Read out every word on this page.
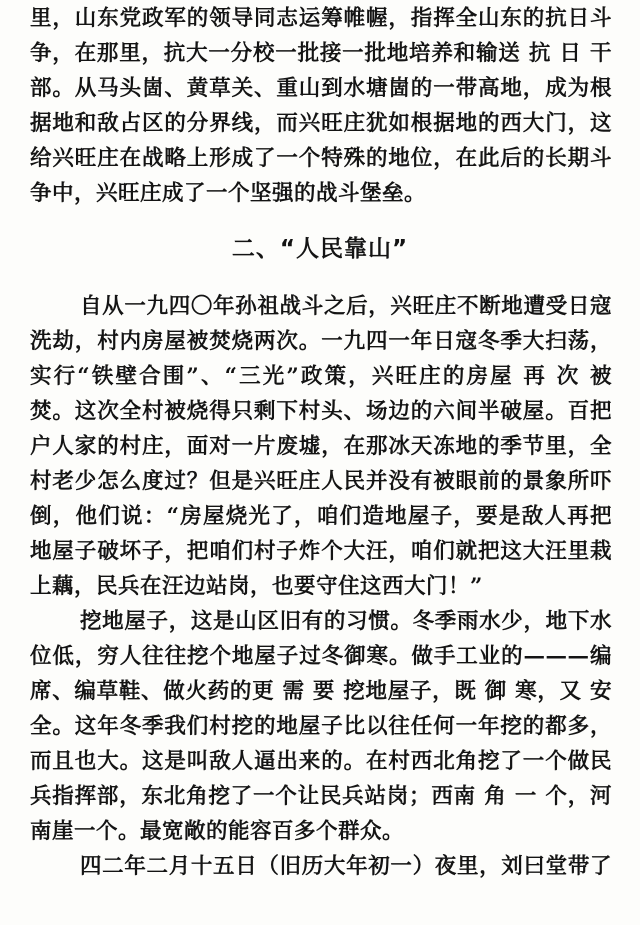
里，山东党政军的领导同志运筹帷幄，指挥全山东的抗日斗
争，在那里，抗大一分校一批接一批地培养和输送 抗 日 干
部。从马头崮、黄草关、重山到水塘崮的一带高地，成为根
据地和敌占区的分界线，而兴旺庄犹如根据地的西大门，这
给兴旺庄在战略上形成了一个特殊的地位，在此后的长期斗
争中，兴旺庄成了一个坚强的战斗堡垒。
二、“人民靠山”
自从一九四〇年孙祖战斗之后，兴旺庄不断地遭受日寇
洗劫，村内房屋被焚烧两次。一九四一年日寇冬季大扫荡，
实行“铁壁合围”、“三光”政策，兴旺庄的房屋 再 次 被
焚。这次全村被烧得只剩下村头、场边的六间半破屋。百把
户人家的村庄，面对一片废墟，在那冰天冻地的季节里，全
村老少怎么度过？但是兴旺庄人民并没有被眼前的景象所吓
倒，他们说：“房屋烧光了，咱们造地屋子，要是敌人再把
地屋子破坏子，把咱们村子炸个大汪，咱们就把这大汪里栽
上藕，民兵在汪边站岗，也要守住这西大门！”
挖地屋子，这是山区旧有的习惯。冬季雨水少，地下水
位低，穷人往往挖个地屋子过冬御寒。做手工业的———编
席、编草鞋、做火药的更 需 要 挖地屋子，既 御 寒，又 安
全。这年冬季我们村挖的地屋子比以往任何一年挖的都多，
而且也大。这是叫敌人逼出来的。在村西北角挖了一个做民
兵指挥部，东北角挖了一个让民兵站岗；西南 角 一 个，河
南崖一个。最宽敞的能容百多个群众。
四二年二月十五日（旧历大年初一）夜里，刘曰堂带了
